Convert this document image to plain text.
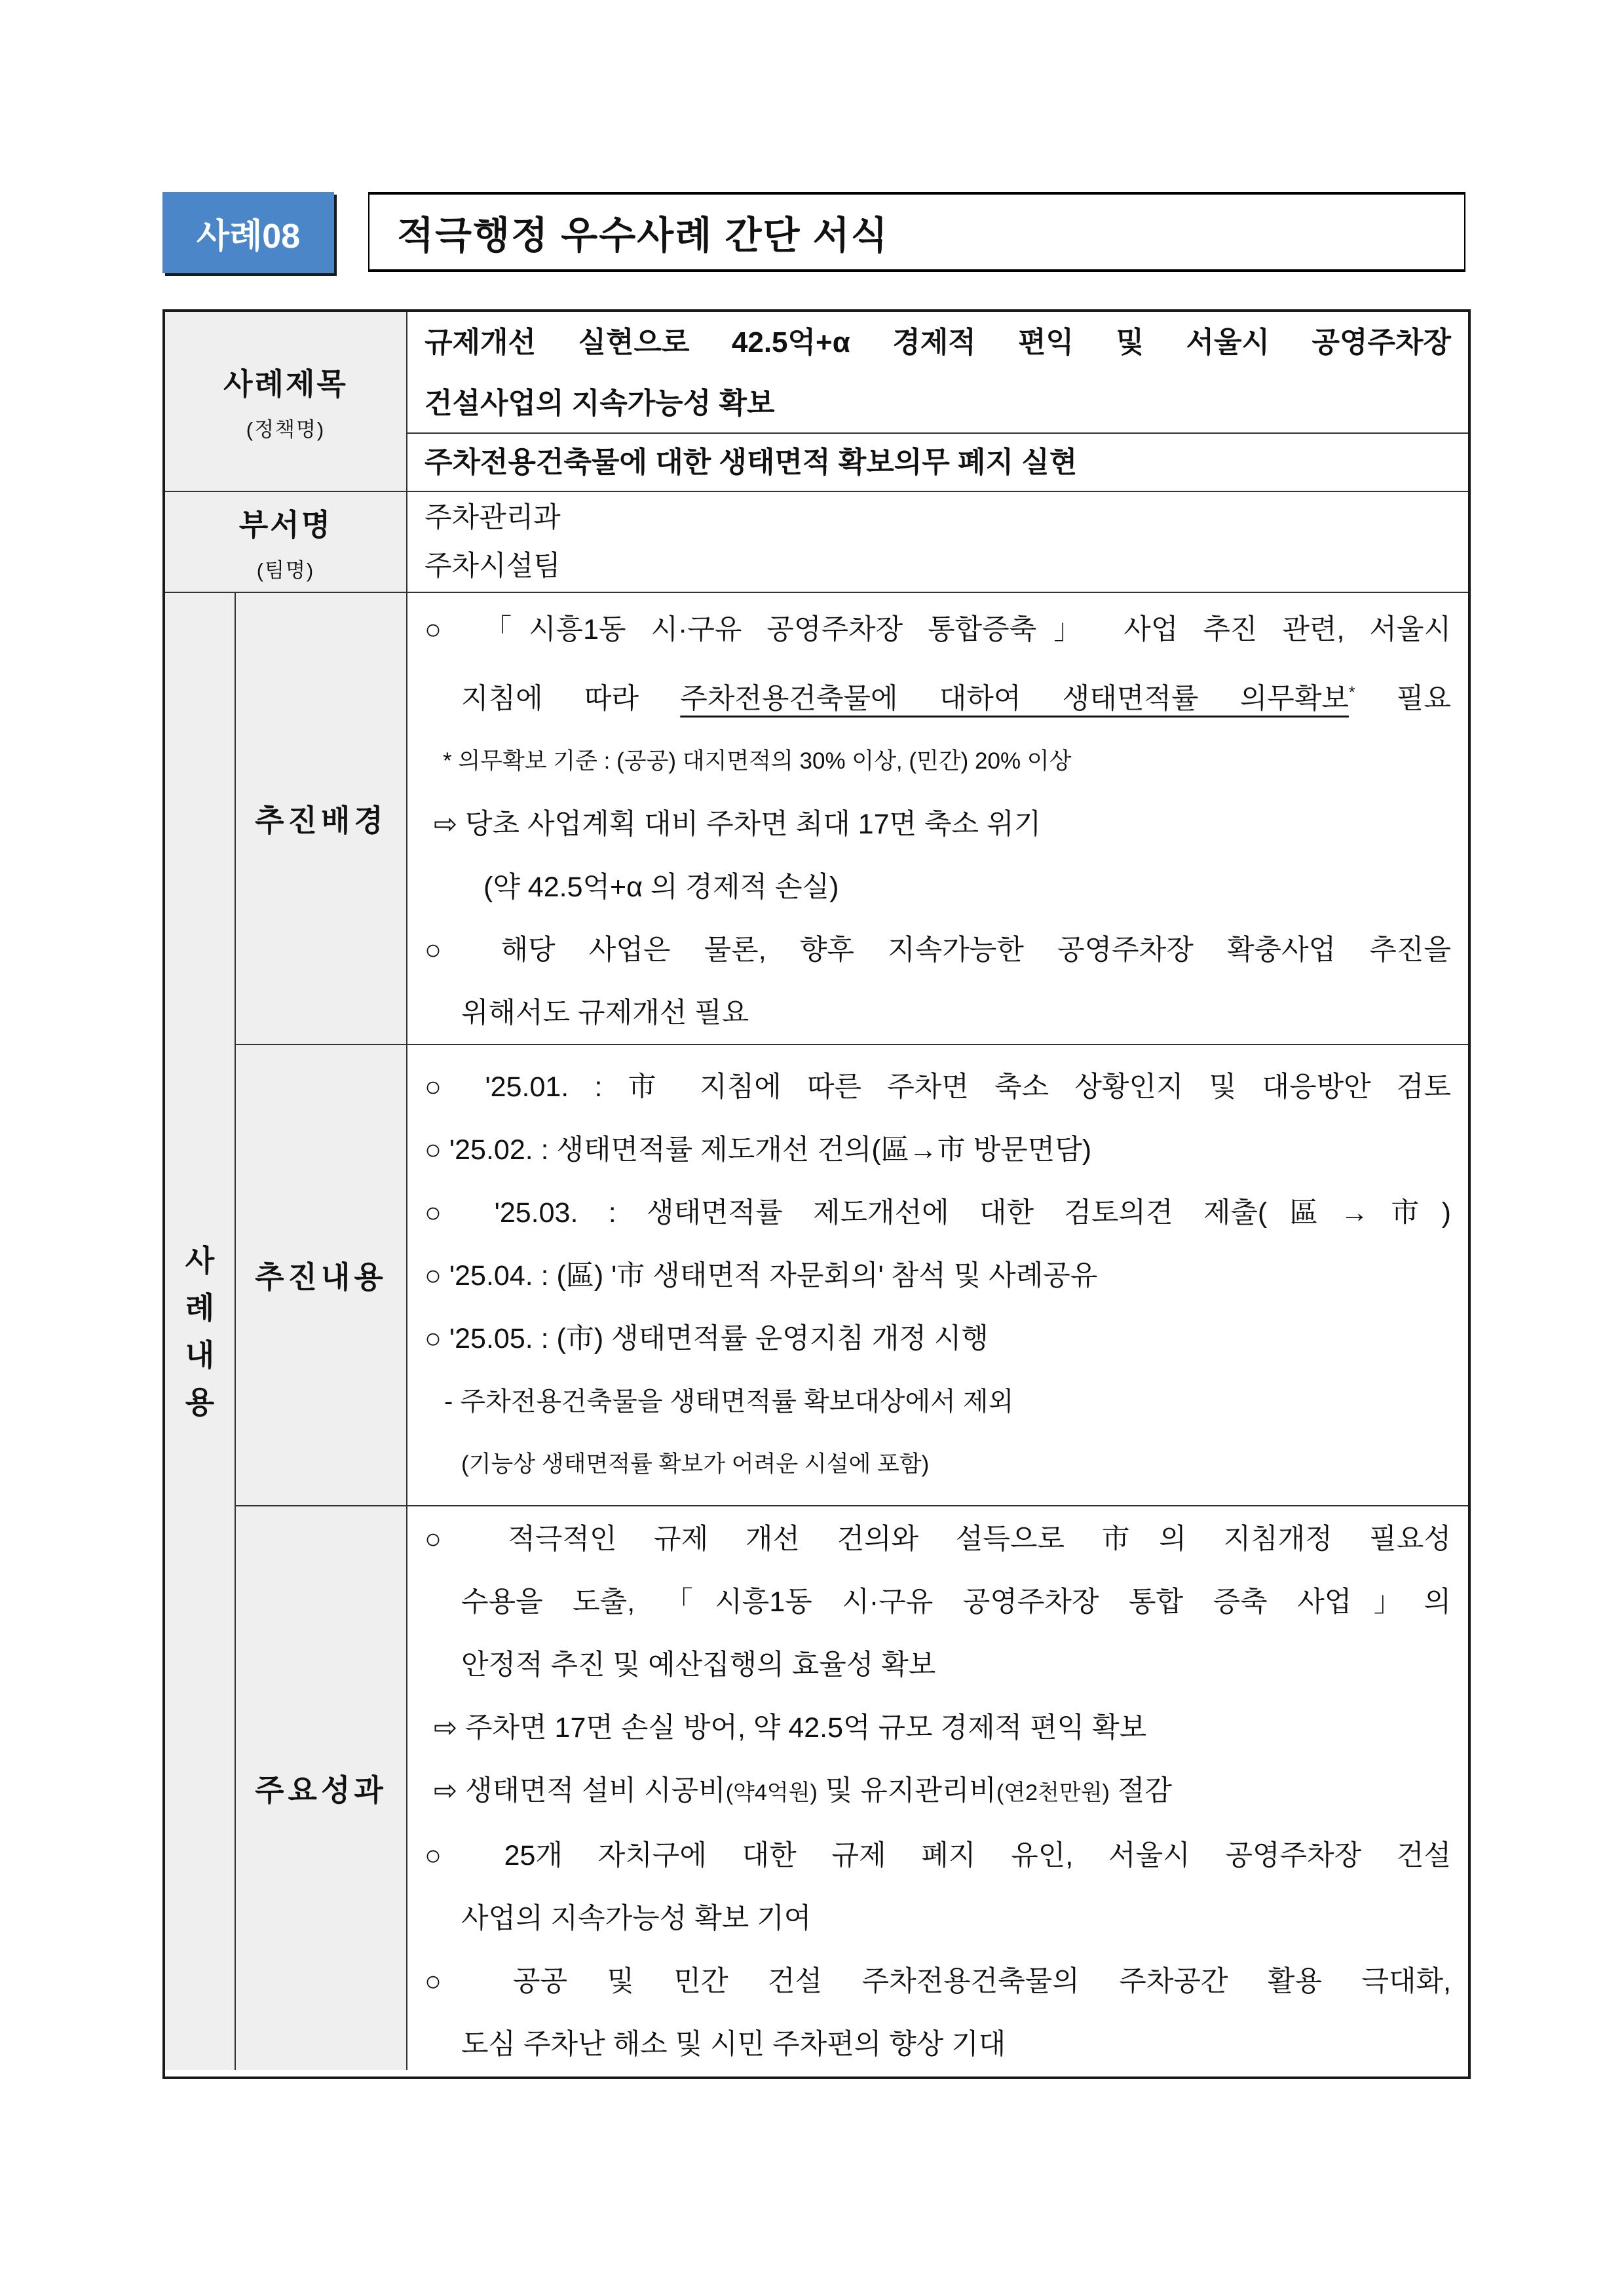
사례08	적극행정 우수사례 간단 서식
사례제목
(정책명)
규제개선 실현으로 42.5억+α 경제적 편익 및 서울시 공영주차장
건설사업의 지속가능성 확보
주차전용건축물에 대한 생태면적 확보의무 폐지 실현
부서명
(팀명)
주차관리과
주차시설팀
사
례
내
용
추진배경
○ 「시흥1동 시·구유 공영주차장 통합증축」 사업 추진 관련, 서울시
지침에 따라 주차전용건축물에 대하여 생태면적률 의무확보* 필요
* 의무확보 기준 : (공공) 대지면적의 30% 이상, (민간) 20% 이상
⇨ 당초 사업계획 대비 주차면 최대 17면 축소 위기
(약 42.5억+α 의 경제적 손실)
○ 해당 사업은 물론, 향후 지속가능한 공영주차장 확충사업 추진을
위해서도 규제개선 필요
추진내용
○ '25.01. : 市 지침에 따른 주차면 축소 상황인지 및 대응방안 검토
○ '25.02. : 생태면적률 제도개선 건의(區→市 방문면담)
○ '25.03. : 생태면적률 제도개선에 대한 검토의견 제출(區→市)
○ '25.04. : (區) '市 생태면적 자문회의' 참석 및 사례공유
○ '25.05. : (市) 생태면적률 운영지침 개정 시행
- 주차전용건축물을 생태면적률 확보대상에서 제외
(기능상 생태면적률 확보가 어려운 시설에 포함)
주요성과
○ 적극적인 규제 개선 건의와 설득으로 市의 지침개정 필요성
수용을 도출, 「시흥1동 시·구유 공영주차장 통합 증축 사업」의
안정적 추진 및 예산집행의 효율성 확보
⇨ 주차면 17면 손실 방어, 약 42.5억 규모 경제적 편익 확보
⇨ 생태면적 설비 시공비(약4억원) 및 유지관리비(연2천만원) 절감
○ 25개 자치구에 대한 규제 폐지 유인, 서울시 공영주차장 건설
사업의 지속가능성 확보 기여
○ 공공 및 민간 건설 주차전용건축물의 주차공간 활용 극대화,
도심 주차난 해소 및 시민 주차편의 향상 기대
